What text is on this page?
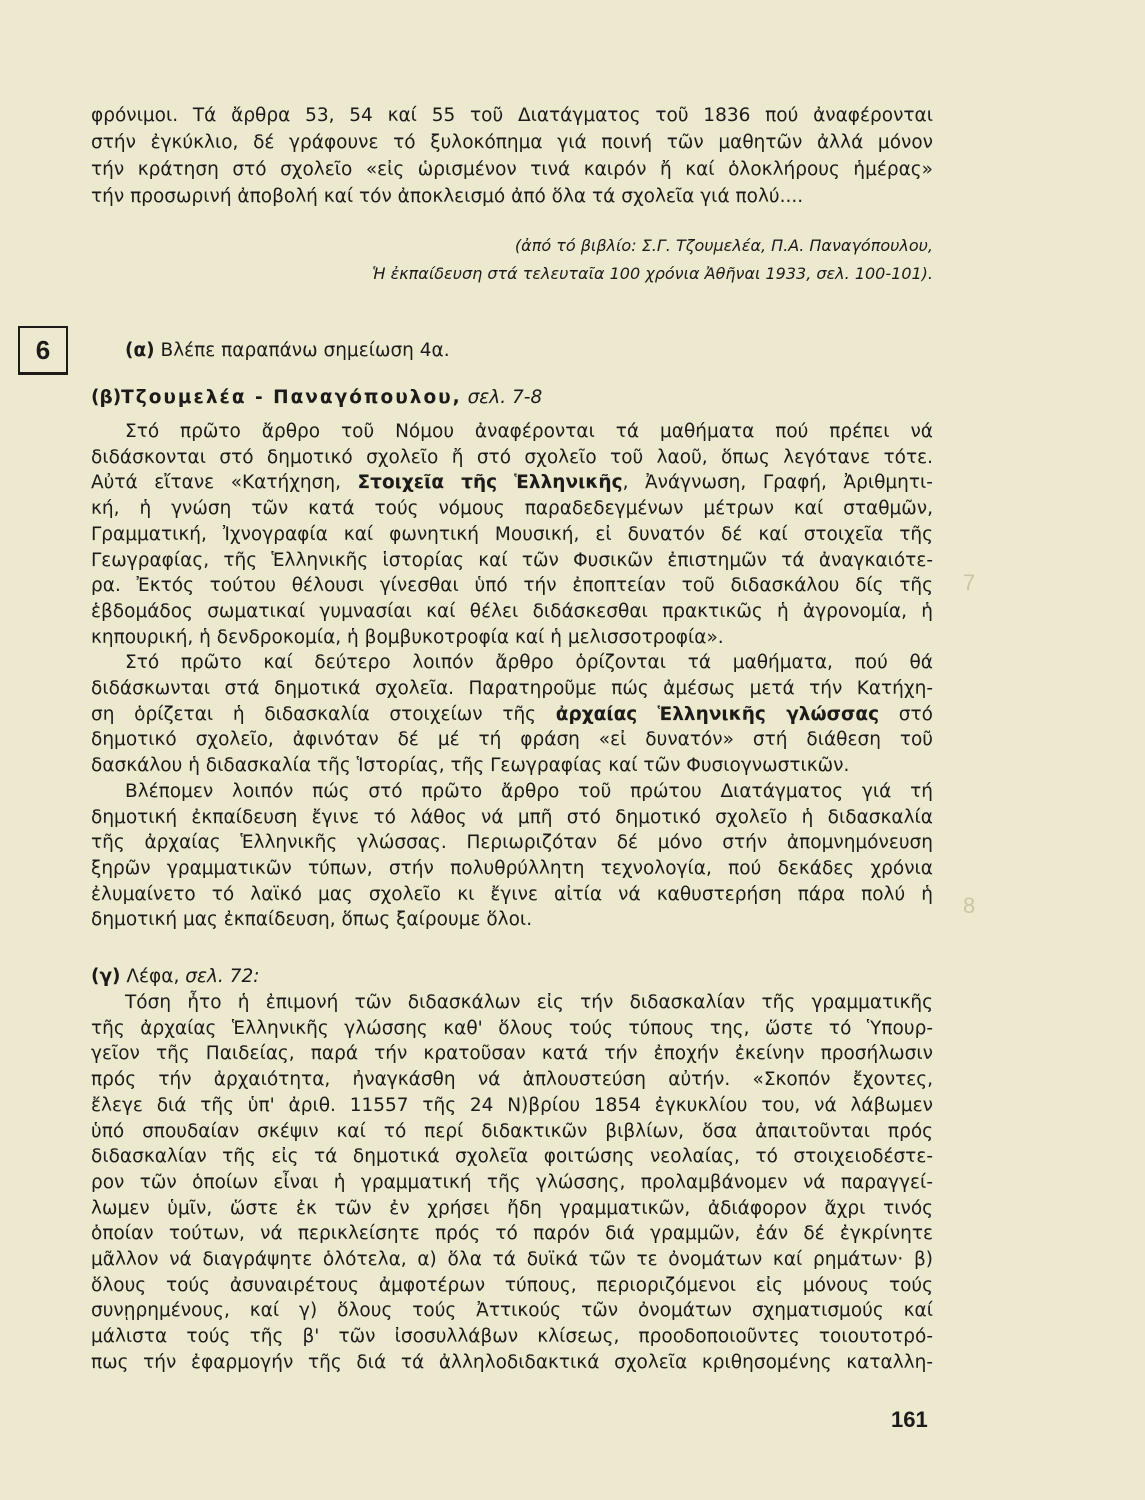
7
8
φρόνιμοι. Τά ἄρθρα 53, 54 καί 55 τοῦ Διατάγματος τοῦ 1836 πού ἀναφέρονται
στήν ἐγκύκλιο, δέ γράφουνε τό ξυλοκόπημα γιά ποινή τῶν μαθητῶν ἀλλά μόνον
τήν κράτηση στό σχολεῖο «εἰς ὡρισμένον τινά καιρόν ἤ καί ὁλοκλήρους ἡμέρας»
τήν προσωρινή ἀποβολή καί τόν ἀποκλεισμό ἀπό ὅλα τά σχολεῖα γιά πολύ....
(ἀπό τό βιβλίο: Σ.Γ. Τζουμελέα, Π.Α. Παναγόπουλου,
Ἡ ἐκπαίδευση στά τελευταῖα 100 χρόνια Ἀθῆναι 1933, σελ. 100-101).
6	(α) Βλέπε παραπάνω σημείωση 4α.
(β)Τζουμελέα - Παναγόπουλου, σελ. 7-8
Στό πρῶτο ἄρθρο τοῦ Νόμου ἀναφέρονται τά μαθήματα πού πρέπει νά
διδάσκονται στό δημοτικό σχολεῖο ἤ στό σχολεῖο τοῦ λαοῦ, ὅπως λεγότανε τότε.
Αὐτά εἴτανε «Κατήχηση, Στοιχεῖα τῆς Ἑλληνικῆς, Ἀνάγνωση, Γραφή, Ἀριθμητι-
κή, ἡ γνώση τῶν κατά τούς νόμους παραδεδεγμένων μέτρων καί σταθμῶν,
Γραμματική, Ἰχνογραφία καί φωνητική Μουσική, εἰ δυνατόν δέ καί στοιχεῖα τῆς
Γεωγραφίας, τῆς Ἑλληνικῆς ἱστορίας καί τῶν Φυσικῶν ἐπιστημῶν τά ἀναγκαιότε-
ρα. Ἐκτός τούτου θέλουσι γίνεσθαι ὑπό τήν ἐποπτείαν τοῦ διδασκάλου δίς τῆς
ἑβδομάδος σωματικαί γυμνασίαι καί θέλει διδάσκεσθαι πρακτικῶς ἡ ἀγρονομία, ἡ
κηπουρική, ἡ δενδροκομία, ἡ βομβυκοτροφία καί ἡ μελισσοτροφία».
Στό πρῶτο καί δεύτερο λοιπόν ἄρθρο ὁρίζονται τά μαθήματα, πού θά
διδάσκωνται στά δημοτικά σχολεῖα. Παρατηροῦμε πώς ἀμέσως μετά τήν Κατήχη-
ση ὁρίζεται ἡ διδασκαλία στοιχείων τῆς ἀρχαίας Ἑλληνικῆς γλώσσας στό
δημοτικό σχολεῖο, ἀφινόταν δέ μέ τή φράση «εἰ δυνατόν» στή διάθεση τοῦ
δασκάλου ἡ διδασκαλία τῆς Ἱστορίας, τῆς Γεωγραφίας καί τῶν Φυσιογνωστικῶν.
Βλέπομεν λοιπόν πώς στό πρῶτο ἄρθρο τοῦ πρώτου Διατάγματος γιά τή
δημοτική ἐκπαίδευση ἔγινε τό λάθος νά μπῆ στό δημοτικό σχολεῖο ἡ διδασκαλία
τῆς ἀρχαίας Ἑλληνικῆς γλώσσας. Περιωριζόταν δέ μόνο στήν ἀπομνημόνευση
ξηρῶν γραμματικῶν τύπων, στήν πολυθρύλλητη τεχνολογία, πού δεκάδες χρόνια
ἐλυμαίνετο τό λαϊκό μας σχολεῖο κι ἔγινε αἰτία νά καθυστερήση πάρα πολύ ἡ
δημοτική μας ἐκπαίδευση, ὅπως ξαίρουμε ὅλοι.
(γ) Λέφα, σελ. 72:
Τόση ἦτο ἡ ἐπιμονή τῶν διδασκάλων εἰς τήν διδασκαλίαν τῆς γραμματικῆς
τῆς ἀρχαίας Ἑλληνικῆς γλώσσης καθ' ὅλους τούς τύπους της, ὥστε τό Ὑπουρ-
γεῖον τῆς Παιδείας, παρά τήν κρατοῦσαν κατά τήν ἐποχήν ἐκείνην προσήλωσιν
πρός τήν ἀρχαιότητα, ἠναγκάσθη νά ἁπλουστεύση αὐτήν. «Σκοπόν ἔχοντες,
ἔλεγε διά τῆς ὑπ' ἀριθ. 11557 τῆς 24 Ν)βρίου 1854 ἐγκυκλίου του, νά λάβωμεν
ὑπό σπουδαίαν σκέψιν καί τό περί διδακτικῶν βιβλίων, ὅσα ἀπαιτοῦνται πρός
διδασκαλίαν τῆς εἰς τά δημοτικά σχολεῖα φοιτώσης νεολαίας, τό στοιχειοδέστε-
ρον τῶν ὁποίων εἶναι ἡ γραμματική τῆς γλώσσης, προλαμβάνομεν νά παραγγεί-
λωμεν ὑμῖν, ὥστε ἐκ τῶν ἐν χρήσει ἤδη γραμματικῶν, ἀδιάφορον ἄχρι τινός
ὁποίαν τούτων, νά περικλείσητε πρός τό παρόν διά γραμμῶν, ἐάν δέ ἐγκρίνητε
μᾶλλον νά διαγράψητε ὁλότελα, α) ὅλα τά δυϊκά τῶν τε ὀνομάτων καί ρημάτων· β)
ὅλους τούς ἀσυναιρέτους ἀμφοτέρων τύπους, περιοριζόμενοι εἰς μόνους τούς
συνῃρημένους, καί γ) ὅλους τούς Ἀττικούς τῶν ὀνομάτων σχηματισμούς καί
μάλιστα τούς τῆς β' τῶν ἰσοσυλλάβων κλίσεως, προοδοποιοῦντες τοιουτοτρό-
πως τήν ἐφαρμογήν τῆς διά τά ἀλληλοδιδακτικά σχολεῖα κριθησομένης καταλλη-
161
